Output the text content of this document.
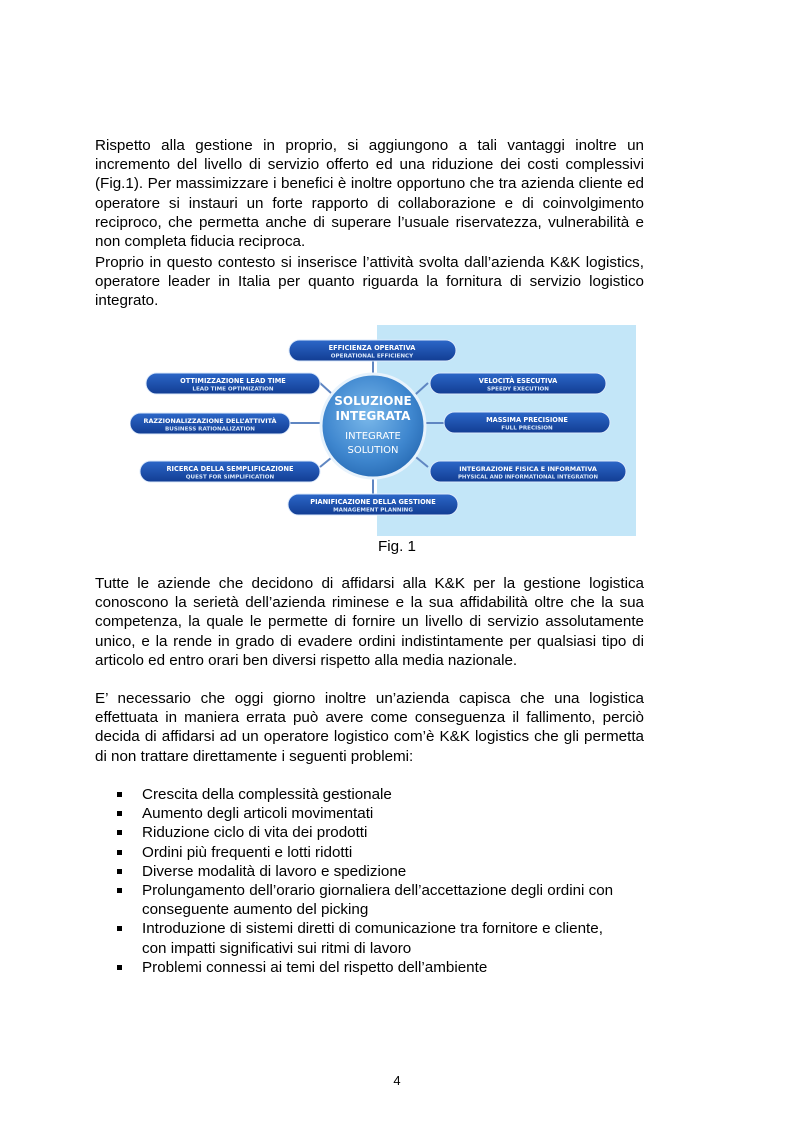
Rispetto alla gestione in proprio, si aggiungono a tali vantaggi inoltre un incremento del livello di servizio offerto ed una riduzione dei costi complessivi (Fig.1). Per massimizzare i benefici è inoltre opportuno che tra azienda cliente ed operatore si instauri un forte rapporto di collaborazione e di coinvolgimento reciproco, che permetta anche di superare l’usuale riservatezza, vulnerabilità e non completa fiducia reciproca.

Proprio in questo contesto si inserisce l’attività svolta dall’azienda K&K logistics, operatore leader in Italia per quanto riguarda la fornitura di servizio logistico integrato.

SOLUZIONE
INTEGRATA
INTEGRATE
SOLUTION
EFFICIENZA OPERATIVA
OPERATIONAL EFFICIENCY
OTTIMIZZAZIONE LEAD TIME
LEAD TIME OPTIMIZATION
VELOCITÀ ESECUTIVA
SPEEDY EXECUTION
RAZZIONALIZZAZIONE DELL’ATTIVITÀ
BUSINESS RATIONALIZATION
MASSIMA PRECISIONE
FULL PRECISION
RICERCA DELLA SEMPLIFICAZIONE
QUEST FOR SIMPLIFICATION
INTEGRAZIONE FISICA E INFORMATIVA
PHYSICAL AND INFORMATIONAL INTEGRATION
PIANIFICAZIONE DELLA GESTIONE
MANAGEMENT PLANNING
Fig. 1

Tutte le aziende che decidono di affidarsi alla K&K per la gestione logistica conoscono la serietà dell’azienda riminese e la sua affidabilità oltre che la sua competenza, la quale le permette di fornire un livello di servizio assolutamente unico, e la rende in grado di evadere ordini indistintamente per qualsiasi tipo di articolo ed entro orari ben diversi rispetto alla media nazionale.

E’ necessario che oggi giorno inoltre un’azienda capisca che una logistica effettuata in maniera errata può avere come conseguenza il fallimento, perciò decida di affidarsi ad un operatore logistico com’è K&K logistics che gli permetta di non trattare direttamente i seguenti problemi:

Crescita della complessità gestionale
Aumento degli articoli movimentati
Riduzione ciclo di vita dei prodotti
Ordini più frequenti e lotti ridotti
Diverse modalità di lavoro e spedizione
Prolungamento dell’orario giornaliera dell’accettazione degli ordini con
conseguente aumento del picking
Introduzione di sistemi diretti di comunicazione tra fornitore e cliente,
con impatti significativi sui ritmi di lavoro
Problemi connessi ai temi del rispetto dell’ambiente
4
